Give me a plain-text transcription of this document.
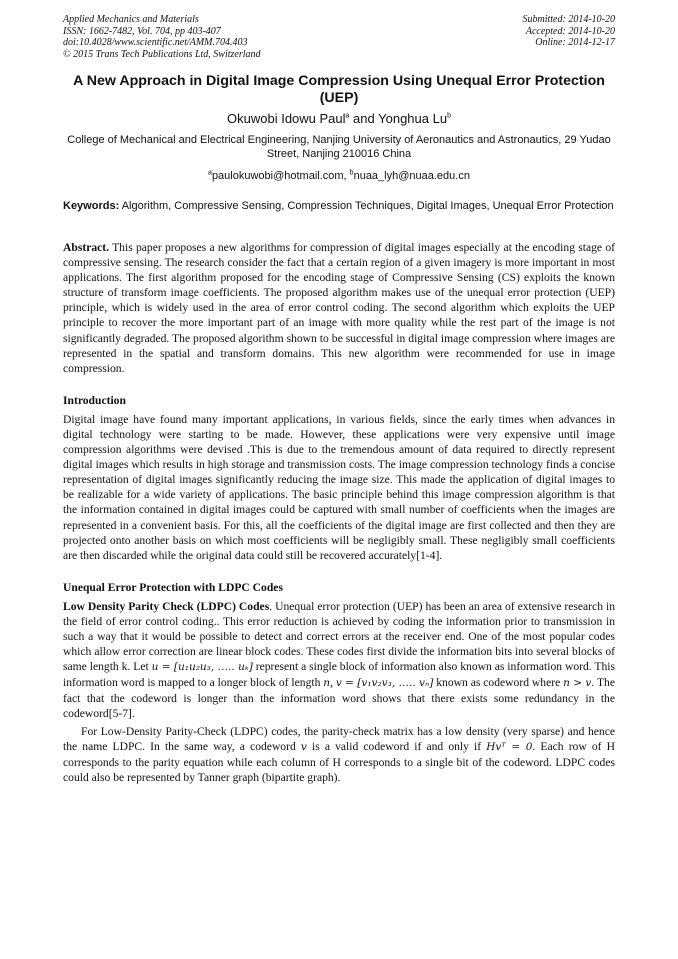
Applied Mechanics and Materials
ISSN: 1662-7482, Vol. 704, pp 403-407
doi:10.4028/www.scientific.net/AMM.704.403
© 2015 Trans Tech Publications Ltd, Switzerland
Submitted: 2014-10-20
Accepted: 2014-10-20
Online: 2014-12-17
A New Approach in Digital Image Compression Using Unequal Error Protection (UEP)
Okuwobi Idowu Paul$^a$ and Yonghua Lu$^b$
College of Mechanical and Electrical Engineering, Nanjing University of Aeronautics and Astronautics, 29 Yudao Street, Nanjing 210016 China
$^a$paulokuwobi@hotmail.com, $^b$nuaa_lyh@nuaa.edu.cn
Keywords: Algorithm, Compressive Sensing, Compression Techniques, Digital Images, Unequal Error Protection
Abstract. This paper proposes a new algorithms for compression of digital images especially at the encoding stage of compressive sensing. The research consider the fact that a certain region of a given imagery is more important in most applications. The first algorithm proposed for the encoding stage of Compressive Sensing (CS) exploits the known structure of transform image coefficients. The proposed algorithm makes use of the unequal error protection (UEP) principle, which is widely used in the area of error control coding. The second algorithm which exploits the UEP principle to recover the more important part of an image with more quality while the rest part of the image is not significantly degraded. The proposed algorithm shown to be successful in digital image compression where images are represented in the spatial and transform domains. This new algorithm were recommended for use in image compression.
Introduction
Digital image have found many important applications, in various fields, since the early times when advances in digital technology were starting to be made. However, these applications were very expensive until image compression algorithms were devised .This is due to the tremendous amount of data required to directly represent digital images which results in high storage and transmission costs. The image compression technology finds a concise representation of digital images significantly reducing the image size. This made the application of digital images to be realizable for a wide variety of applications. The basic principle behind this image compression algorithm is that the information contained in digital images could be captured with small number of coefficients when the images are represented in a convenient basis. For this, all the coefficients of the digital image are first collected and then they are projected onto another basis on which most coefficients will be negligibly small. These negligibly small coefficients are then discarded while the original data could still be recovered accurately[1-4].
Unequal Error Protection with LDPC Codes
Low Density Parity Check (LDPC) Codes. Unequal error protection (UEP) has been an area of extensive research in the field of error control coding.. This error reduction is achieved by coding the information prior to transmission in such a way that it would be possible to detect and correct errors at the receiver end. One of the most popular codes which allow error correction are linear block codes. These codes first divide the information bits into several blocks of same length k. Let u = [u₁u₂u₃, ….. uₖ] represent a single block of information also known as information word. This information word is mapped to a longer block of length n, v = [v₁v₂v₃, ….. vₙ] known as codeword where n > v. The fact that the codeword is longer than the information word shows that there exists some redundancy in the codeword[5-7].
For Low-Density Parity-Check (LDPC) codes, the parity-check matrix has a low density (very sparse) and hence the name LDPC. In the same way, a codeword v is a valid codeword if and only if Hvᵀ = 0. Each row of H corresponds to the parity equation while each column of H corresponds to a single bit of the codeword. LDPC codes could also be represented by Tanner graph (bipartite graph).
